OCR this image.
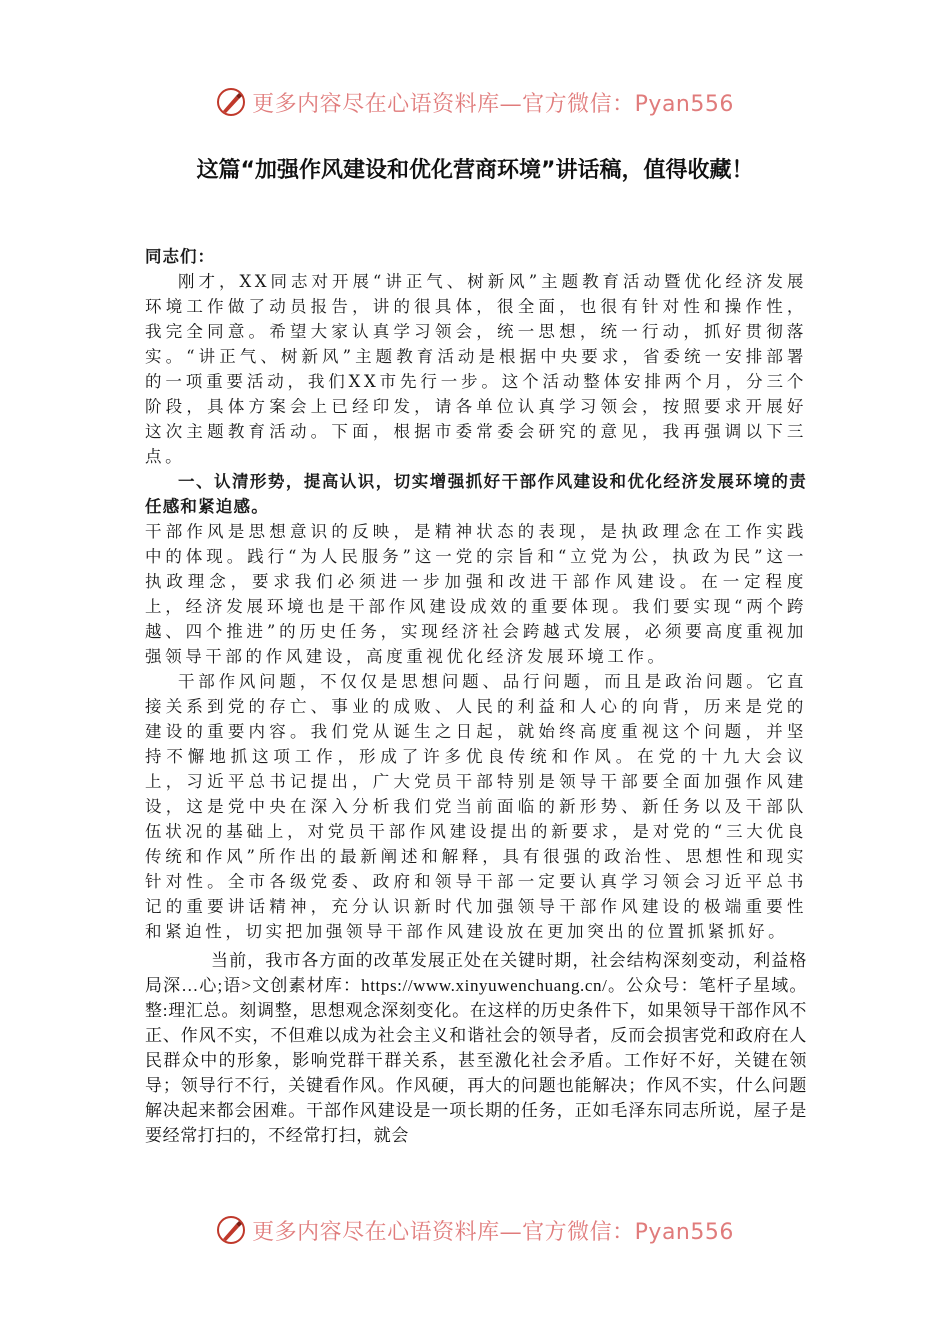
更多内容尽在心语资料库—官方微信：Pyan556
这篇“加强作风建设和优化营商环境”讲话稿，值得收藏！

同志们：

刚才，XX同志对开展“讲正气、树新风”主题教育活动暨优化经济发展环境工作做了动员报告，讲的很具体，很全面，也很有针对性和操作性，我完全同意。希望大家认真学习领会，统一思想，统一行动，抓好贯彻落实。“讲正气、树新风”主题教育活动是根据中央要求，省委统一安排部署的一项重要活动，我们XX市先行一步。这个活动整体安排两个月，分三个阶段，具体方案会上已经印发，请各单位认真学习领会，按照要求开展好这次主题教育活动。下面，根据市委常委会研究的意见，我再强调以下三点。

一、认清形势，提高认识，切实增强抓好干部作风建设和优化经济发展环境的责任感和紧迫感。

干部作风是思想意识的反映，是精神状态的表现，是执政理念在工作实践中的体现。践行“为人民服务”这一党的宗旨和“立党为公，执政为民”这一执政理念，要求我们必须进一步加强和改进干部作风建设。在一定程度上，经济发展环境也是干部作风建设成效的重要体现。我们要实现“两个跨越、四个推进”的历史任务，实现经济社会跨越式发展，必须要高度重视加强领导干部的作风建设，高度重视优化经济发展环境工作。

干部作风问题，不仅仅是思想问题、品行问题，而且是政治问题。它直接关系到党的存亡、事业的成败、人民的利益和人心的向背，历来是党的建设的重要内容。我们党从诞生之日起，就始终高度重视这个问题，并坚持不懈地抓这项工作，形成了许多优良传统和作风。在党的十九大会议上，习近平总书记提出，广大党员干部特别是领导干部要全面加强作风建设，这是党中央在深入分析我们党当前面临的新形势、新任务以及干部队伍状况的基础上，对党员干部作风建设提出的新要求，是对党的“三大优良传统和作风”所作出的最新阐述和解释，具有很强的政治性、思想性和现实针对性。全市各级党委、政府和领导干部一定要认真学习领会习近平总书记的重要讲话精神，充分认识新时代加强领导干部作风建设的极端重要性和紧迫性，切实把加强领导干部作风建设放在更加突出的位置抓紧抓好。

当前，我市各方面的改革发展正处在关键时期，社会结构深刻变动，利益格局深…心;语>文创素材库：https://www.xinyuwenchuang.cn/。公众号：笔杆子星域。整:理汇总。刻调整，思想观念深刻变化。在这样的历史条件下，如果领导干部作风不正、作风不实，不但难以成为社会主义和谐社会的领导者，反而会损害党和政府在人民群众中的形象，影响党群干群关系，甚至激化社会矛盾。工作好不好，关键在领导；领导行不行，关键看作风。作风硬，再大的问题也能解决；作风不实，什么问题解决起来都会困难。干部作风建设是一项长期的任务，正如毛泽东同志所说，屋子是要经常打扫的，不经常打扫，就会

更多内容尽在心语资料库—官方微信：Pyan556
